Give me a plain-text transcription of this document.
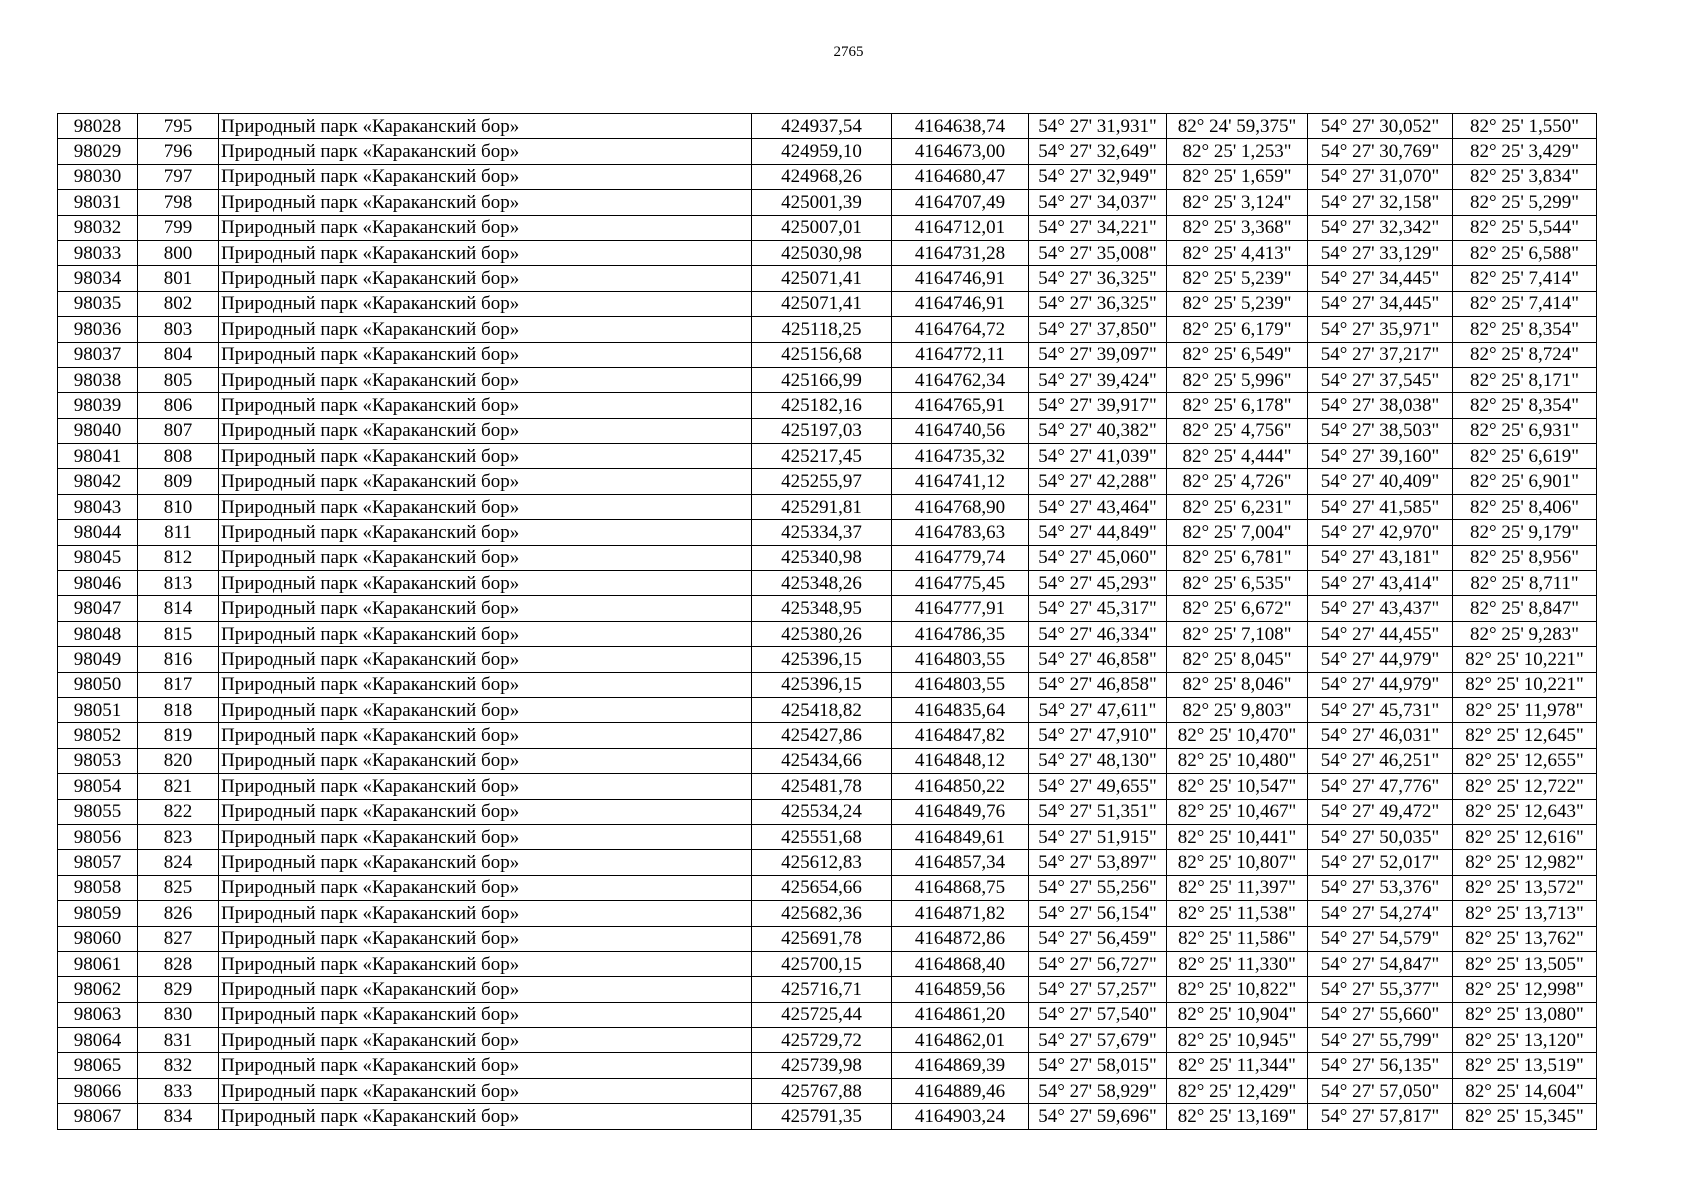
2765
98028	795	Природный парк «Караканский бор»	424937,54	4164638,74	54° 27' 31,931"	82° 24' 59,375"	54° 27' 30,052"	82° 25' 1,550"
98029	796	Природный парк «Караканский бор»	424959,10	4164673,00	54° 27' 32,649"	82° 25' 1,253"	54° 27' 30,769"	82° 25' 3,429"
98030	797	Природный парк «Караканский бор»	424968,26	4164680,47	54° 27' 32,949"	82° 25' 1,659"	54° 27' 31,070"	82° 25' 3,834"
98031	798	Природный парк «Караканский бор»	425001,39	4164707,49	54° 27' 34,037"	82° 25' 3,124"	54° 27' 32,158"	82° 25' 5,299"
98032	799	Природный парк «Караканский бор»	425007,01	4164712,01	54° 27' 34,221"	82° 25' 3,368"	54° 27' 32,342"	82° 25' 5,544"
98033	800	Природный парк «Караканский бор»	425030,98	4164731,28	54° 27' 35,008"	82° 25' 4,413"	54° 27' 33,129"	82° 25' 6,588"
98034	801	Природный парк «Караканский бор»	425071,41	4164746,91	54° 27' 36,325"	82° 25' 5,239"	54° 27' 34,445"	82° 25' 7,414"
98035	802	Природный парк «Караканский бор»	425071,41	4164746,91	54° 27' 36,325"	82° 25' 5,239"	54° 27' 34,445"	82° 25' 7,414"
98036	803	Природный парк «Караканский бор»	425118,25	4164764,72	54° 27' 37,850"	82° 25' 6,179"	54° 27' 35,971"	82° 25' 8,354"
98037	804	Природный парк «Караканский бор»	425156,68	4164772,11	54° 27' 39,097"	82° 25' 6,549"	54° 27' 37,217"	82° 25' 8,724"
98038	805	Природный парк «Караканский бор»	425166,99	4164762,34	54° 27' 39,424"	82° 25' 5,996"	54° 27' 37,545"	82° 25' 8,171"
98039	806	Природный парк «Караканский бор»	425182,16	4164765,91	54° 27' 39,917"	82° 25' 6,178"	54° 27' 38,038"	82° 25' 8,354"
98040	807	Природный парк «Караканский бор»	425197,03	4164740,56	54° 27' 40,382"	82° 25' 4,756"	54° 27' 38,503"	82° 25' 6,931"
98041	808	Природный парк «Караканский бор»	425217,45	4164735,32	54° 27' 41,039"	82° 25' 4,444"	54° 27' 39,160"	82° 25' 6,619"
98042	809	Природный парк «Караканский бор»	425255,97	4164741,12	54° 27' 42,288"	82° 25' 4,726"	54° 27' 40,409"	82° 25' 6,901"
98043	810	Природный парк «Караканский бор»	425291,81	4164768,90	54° 27' 43,464"	82° 25' 6,231"	54° 27' 41,585"	82° 25' 8,406"
98044	811	Природный парк «Караканский бор»	425334,37	4164783,63	54° 27' 44,849"	82° 25' 7,004"	54° 27' 42,970"	82° 25' 9,179"
98045	812	Природный парк «Караканский бор»	425340,98	4164779,74	54° 27' 45,060"	82° 25' 6,781"	54° 27' 43,181"	82° 25' 8,956"
98046	813	Природный парк «Караканский бор»	425348,26	4164775,45	54° 27' 45,293"	82° 25' 6,535"	54° 27' 43,414"	82° 25' 8,711"
98047	814	Природный парк «Караканский бор»	425348,95	4164777,91	54° 27' 45,317"	82° 25' 6,672"	54° 27' 43,437"	82° 25' 8,847"
98048	815	Природный парк «Караканский бор»	425380,26	4164786,35	54° 27' 46,334"	82° 25' 7,108"	54° 27' 44,455"	82° 25' 9,283"
98049	816	Природный парк «Караканский бор»	425396,15	4164803,55	54° 27' 46,858"	82° 25' 8,045"	54° 27' 44,979"	82° 25' 10,221"
98050	817	Природный парк «Караканский бор»	425396,15	4164803,55	54° 27' 46,858"	82° 25' 8,046"	54° 27' 44,979"	82° 25' 10,221"
98051	818	Природный парк «Караканский бор»	425418,82	4164835,64	54° 27' 47,611"	82° 25' 9,803"	54° 27' 45,731"	82° 25' 11,978"
98052	819	Природный парк «Караканский бор»	425427,86	4164847,82	54° 27' 47,910"	82° 25' 10,470"	54° 27' 46,031"	82° 25' 12,645"
98053	820	Природный парк «Караканский бор»	425434,66	4164848,12	54° 27' 48,130"	82° 25' 10,480"	54° 27' 46,251"	82° 25' 12,655"
98054	821	Природный парк «Караканский бор»	425481,78	4164850,22	54° 27' 49,655"	82° 25' 10,547"	54° 27' 47,776"	82° 25' 12,722"
98055	822	Природный парк «Караканский бор»	425534,24	4164849,76	54° 27' 51,351"	82° 25' 10,467"	54° 27' 49,472"	82° 25' 12,643"
98056	823	Природный парк «Караканский бор»	425551,68	4164849,61	54° 27' 51,915"	82° 25' 10,441"	54° 27' 50,035"	82° 25' 12,616"
98057	824	Природный парк «Караканский бор»	425612,83	4164857,34	54° 27' 53,897"	82° 25' 10,807"	54° 27' 52,017"	82° 25' 12,982"
98058	825	Природный парк «Караканский бор»	425654,66	4164868,75	54° 27' 55,256"	82° 25' 11,397"	54° 27' 53,376"	82° 25' 13,572"
98059	826	Природный парк «Караканский бор»	425682,36	4164871,82	54° 27' 56,154"	82° 25' 11,538"	54° 27' 54,274"	82° 25' 13,713"
98060	827	Природный парк «Караканский бор»	425691,78	4164872,86	54° 27' 56,459"	82° 25' 11,586"	54° 27' 54,579"	82° 25' 13,762"
98061	828	Природный парк «Караканский бор»	425700,15	4164868,40	54° 27' 56,727"	82° 25' 11,330"	54° 27' 54,847"	82° 25' 13,505"
98062	829	Природный парк «Караканский бор»	425716,71	4164859,56	54° 27' 57,257"	82° 25' 10,822"	54° 27' 55,377"	82° 25' 12,998"
98063	830	Природный парк «Караканский бор»	425725,44	4164861,20	54° 27' 57,540"	82° 25' 10,904"	54° 27' 55,660"	82° 25' 13,080"
98064	831	Природный парк «Караканский бор»	425729,72	4164862,01	54° 27' 57,679"	82° 25' 10,945"	54° 27' 55,799"	82° 25' 13,120"
98065	832	Природный парк «Караканский бор»	425739,98	4164869,39	54° 27' 58,015"	82° 25' 11,344"	54° 27' 56,135"	82° 25' 13,519"
98066	833	Природный парк «Караканский бор»	425767,88	4164889,46	54° 27' 58,929"	82° 25' 12,429"	54° 27' 57,050"	82° 25' 14,604"
98067	834	Природный парк «Караканский бор»	425791,35	4164903,24	54° 27' 59,696"	82° 25' 13,169"	54° 27' 57,817"	82° 25' 15,345"
